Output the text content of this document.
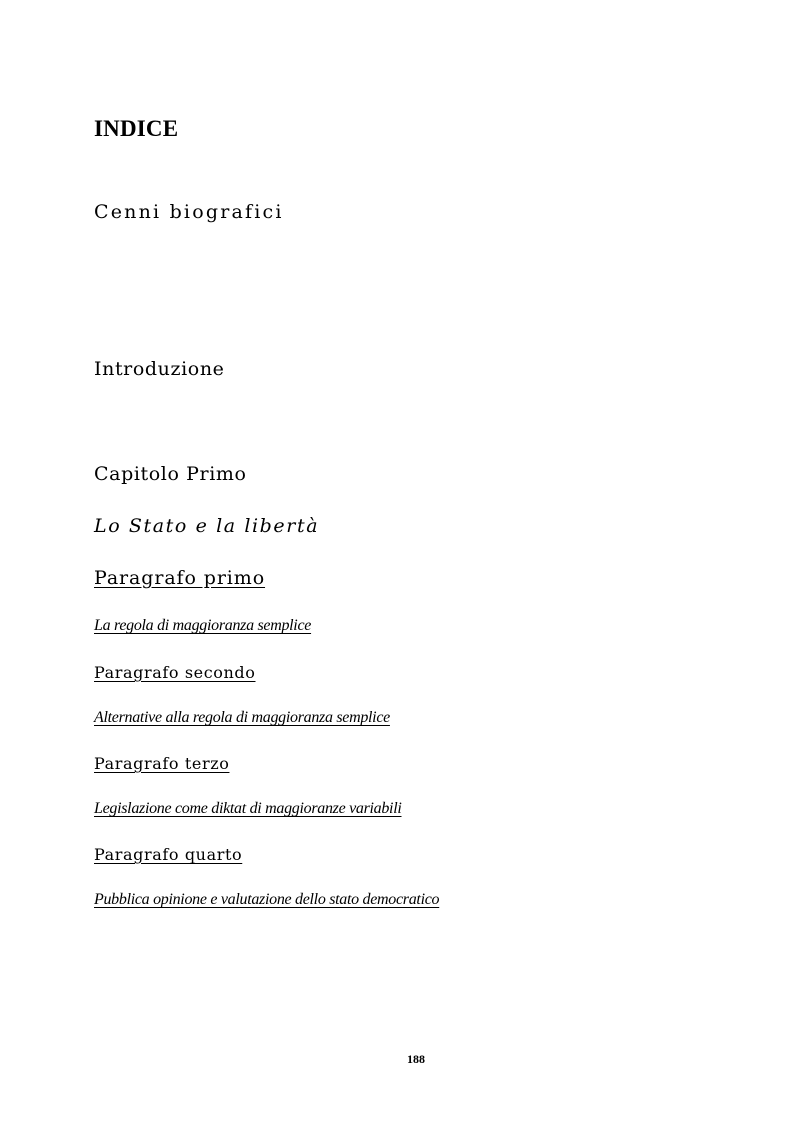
INDICE
Cenni biografici
Introduzione
Capitolo Primo
Lo Stato e la libertà
Paragrafo primo
La regola di maggioranza semplice
Paragrafo secondo
Alternative alla regola di maggioranza semplice
Paragrafo terzo
Legislazione come diktat di maggioranze variabili
Paragrafo quarto
Pubblica opinione e valutazione dello stato democratico
188
